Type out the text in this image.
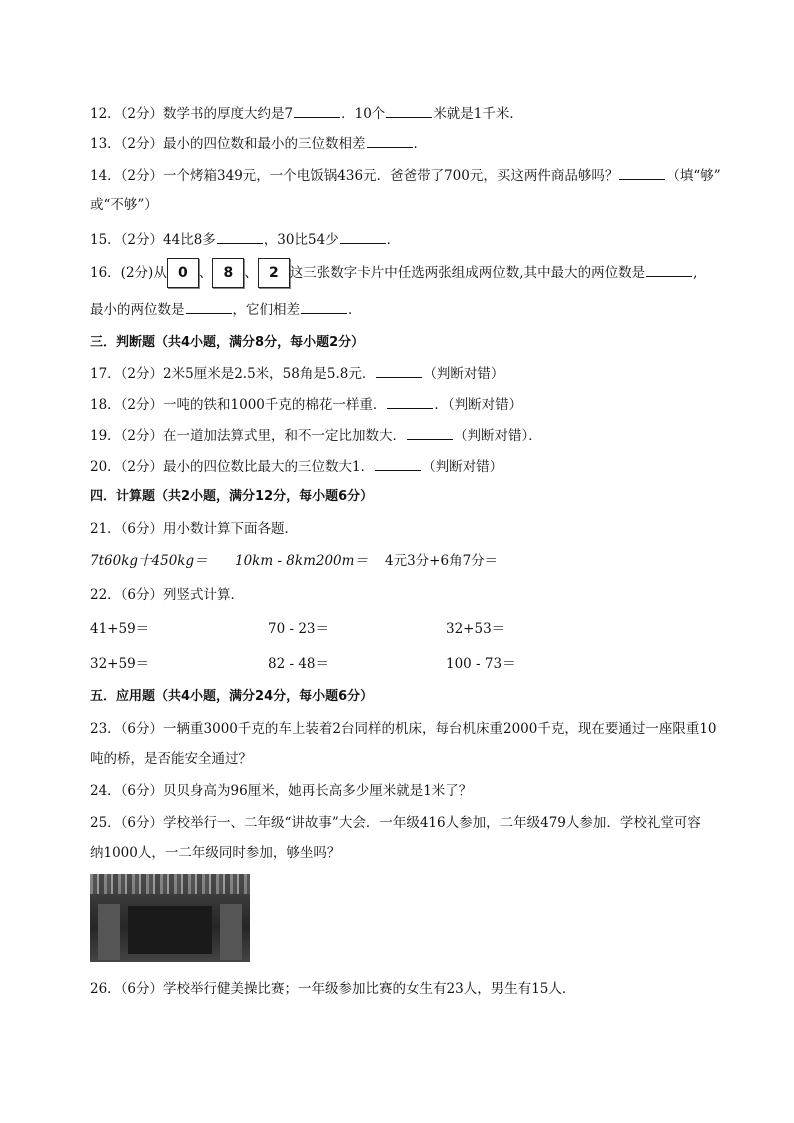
12．（2分）数学书的厚度大约是7	．10个	米就是1千米．
13．（2分）最小的四位数和最小的三位数相差	．
14．（2分）一个烤箱349元，一个电饭锅436元．爸爸带了700元，买这两件商品够吗？	（填“够”
或“不够”）
15．（2分）44比8多	，30比54少	．
16．(2分)从 0 、 8 、 2 这三张数字卡片中任选两张组成两位数,其中最大的两位数是	,
最小的两位数是	，它们相差	．
三．判断题（共4小题，满分8分，每小题2分）
17．（2分）2米5厘米是2.5米，58角是5.8元．	（判断对错）
18．（2分）一吨的铁和1000千克的棉花一样重．	．（判断对错）
19．（2分）在一道加法算式里，和不一定比加数大．	（判断对错）．
20．（2分）最小的四位数比最大的三位数大1．	（判断对错）
四．计算题（共2小题，满分12分，每小题6分）
21．（6分）用小数计算下面各题．
7t60kg十450kg＝ 10km - 8km200m＝ 4元3分+6角7分＝
22．（6分）列竖式计算．
41+59＝	70 - 23＝	32+53＝
32+59＝	82 - 48＝	100 - 73＝
五．应用题（共4小题，满分24分，每小题6分）
23．（6分）一辆重3000千克的车上装着2台同样的机床，每台机床重2000千克，现在要通过一座限重10
吨的桥，是否能安全通过？
24．（6分）贝贝身高为96厘米，她再长高多少厘米就是1米了？
25．（6分）学校举行一、二年级“讲故事”大会．一年级416人参加，二年级479人参加．学校礼堂可容
纳1000人，一二年级同时参加，够坐吗？
26．（6分）学校举行健美操比赛；一年级参加比赛的女生有23人，男生有15人．
